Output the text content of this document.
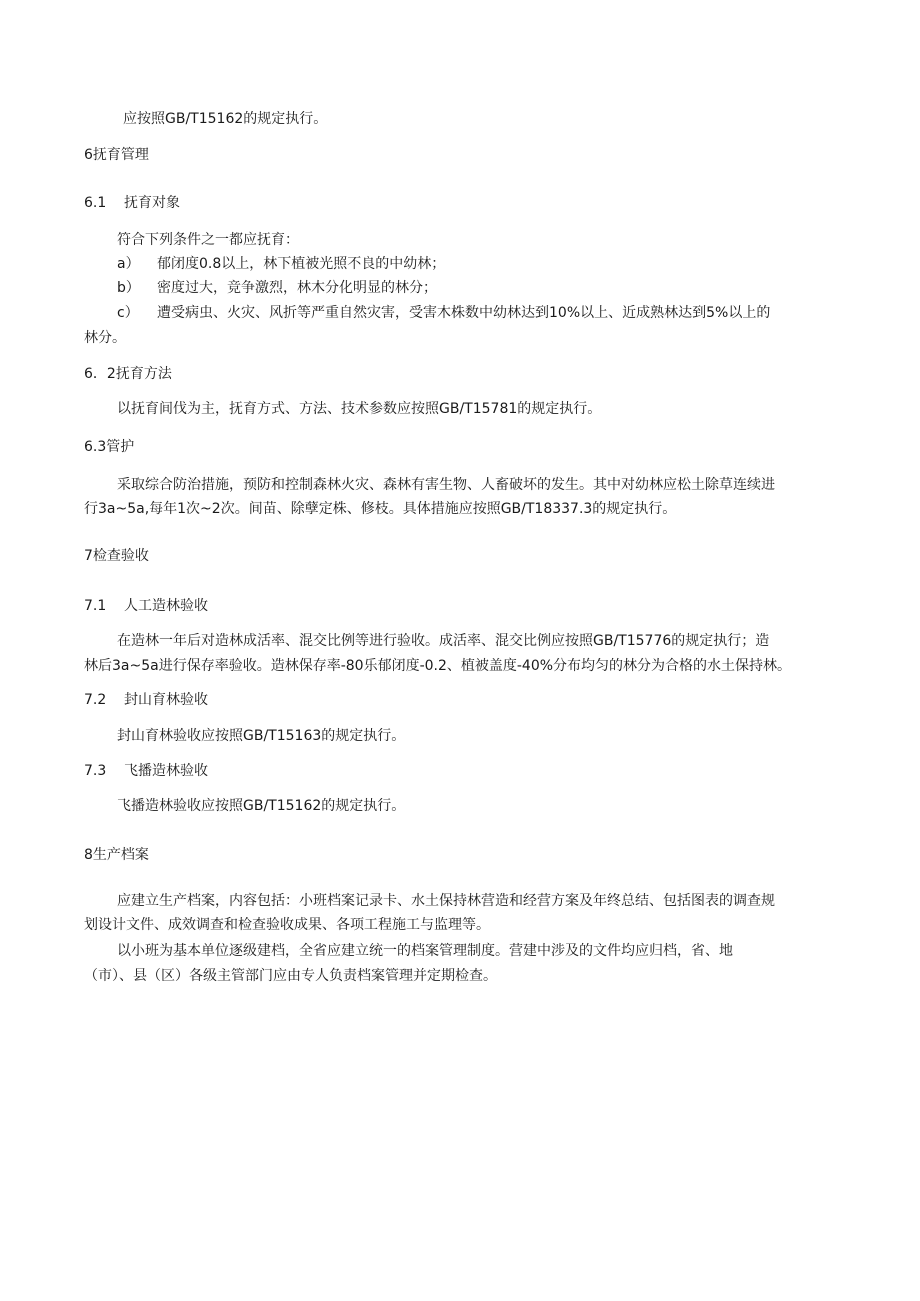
应按照GB/T15162的规定执行。

6抚育管理

6.1 抚育对象

符合下列条件之一都应抚育：

a） 郁闭度0.8以上，林下植被光照不良的中幼林；

b） 密度过大，竞争激烈，林木分化明显的林分；

c） 遭受病虫、火灾、风折等严重自然灾害，受害木株数中幼林达到10%以上、近成熟林达到5%以上的

林分。

6．2抚育方法

以抚育间伐为主，抚育方式、方法、技术参数应按照GB/T15781的规定执行。

6.3管护

采取综合防治措施，预防和控制森林火灾、森林有害生物、人畜破坏的发生。其中对幼林应松土除草连续进

行3a~5a,每年1次~2次。间苗、除孽定株、修枝。具体措施应按照GB/T18337.3的规定执行。

7检查验收

7.1 人工造林验收

在造林一年后对造林成活率、混交比例等进行验收。成活率、混交比例应按照GB/T15776的规定执行；造

林后3a~5a进行保存率验收。造林保存率-80乐郁闭度-0.2、植被盖度-40%分布均匀的林分为合格的水土保持林。

7.2 封山育林验收

封山育林验收应按照GB/T15163的规定执行。

7.3 飞播造林验收

飞播造林验收应按照GB/T15162的规定执行。

8生产档案

应建立生产档案，内容包括：小班档案记录卡、水土保持林营造和经营方案及年终总结、包括图表的调查规

划设计文件、成效调查和检查验收成果、各项工程施工与监理等。

以小班为基本单位逐级建档，全省应建立统一的档案管理制度。营建中涉及的文件均应归档，省、地

（市）、县（区）各级主管部门应由专人负责档案管理并定期检查。
